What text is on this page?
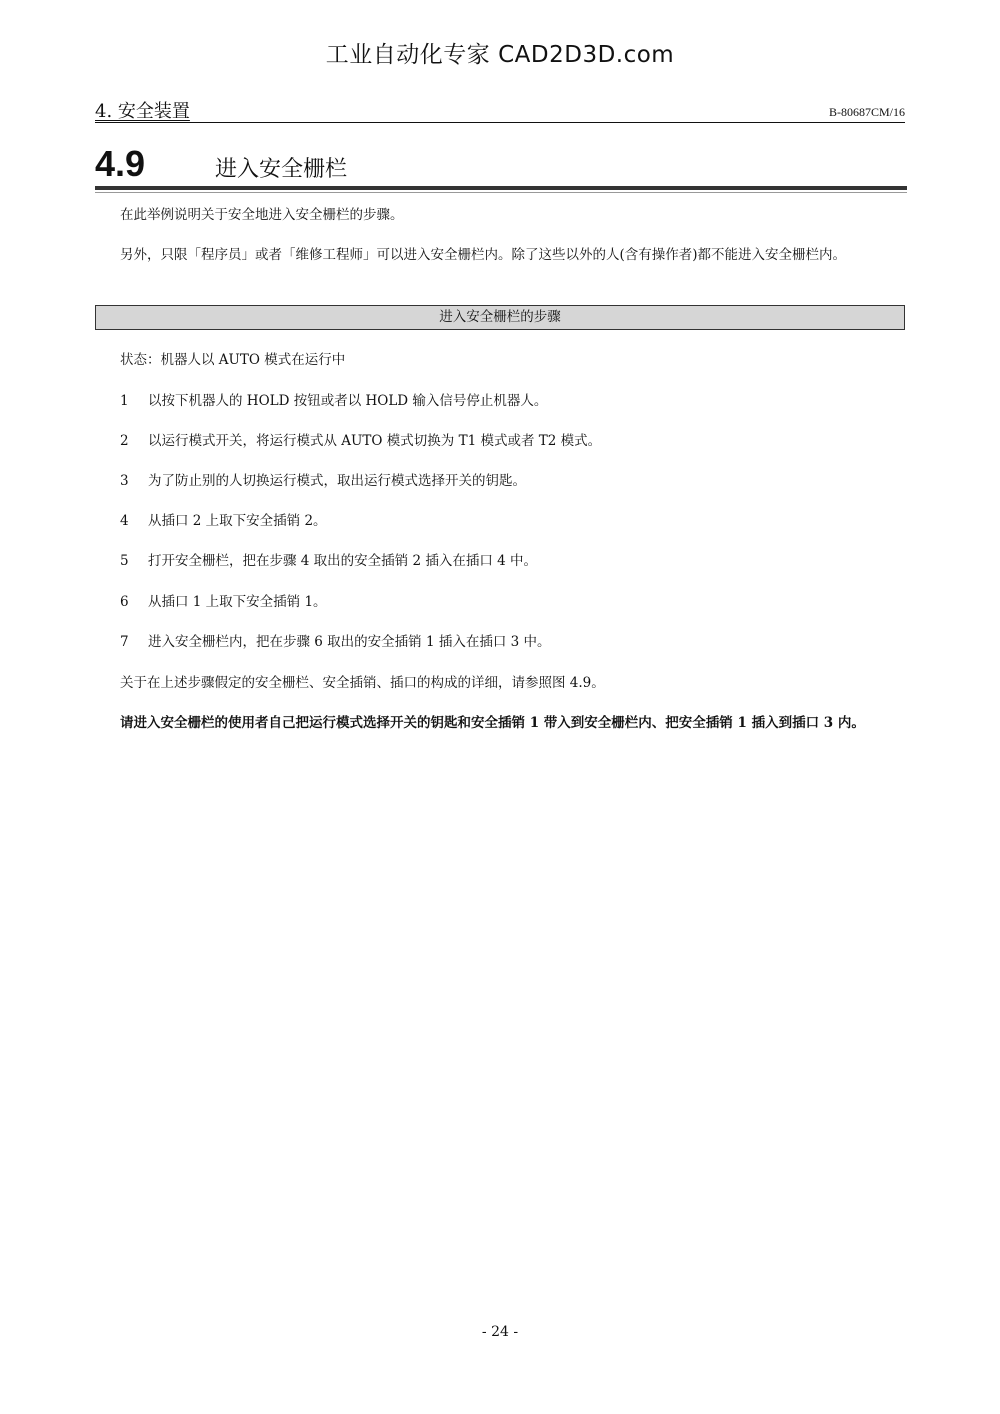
工业自动化专家 CAD2D3D.com
4. 安全装置	B-80687CM/16
4.9	进入安全栅栏
在此举例说明关于安全地进入安全栅栏的步骤。
另外，只限「程序员」或者「维修工程师」可以进入安全栅栏内。除了这些以外的人(含有操作者)都不能进入安全栅栏内。
进入安全栅栏的步骤
状态：机器人以 AUTO 模式在运行中
1 以按下机器人的 HOLD 按钮或者以 HOLD 输入信号停止机器人。
2 以运行模式开关，将运行模式从 AUTO 模式切换为 T1 模式或者 T2 模式。
3 为了防止别的人切换运行模式，取出运行模式选择开关的钥匙。
4 从插口 2 上取下安全插销 2。
5 打开安全栅栏，把在步骤 4 取出的安全插销 2 插入在插口 4 中。
6 从插口 1 上取下安全插销 1。
7 进入安全栅栏内，把在步骤 6 取出的安全插销 1 插入在插口 3 中。
关于在上述步骤假定的安全栅栏、安全插销、插口的构成的详细，请参照图 4.9。
请进入安全栅栏的使用者自己把运行模式选择开关的钥匙和安全插销 1 带入到安全栅栏内、把安全插销 1 插入到插口 3 内。
- 24 -
